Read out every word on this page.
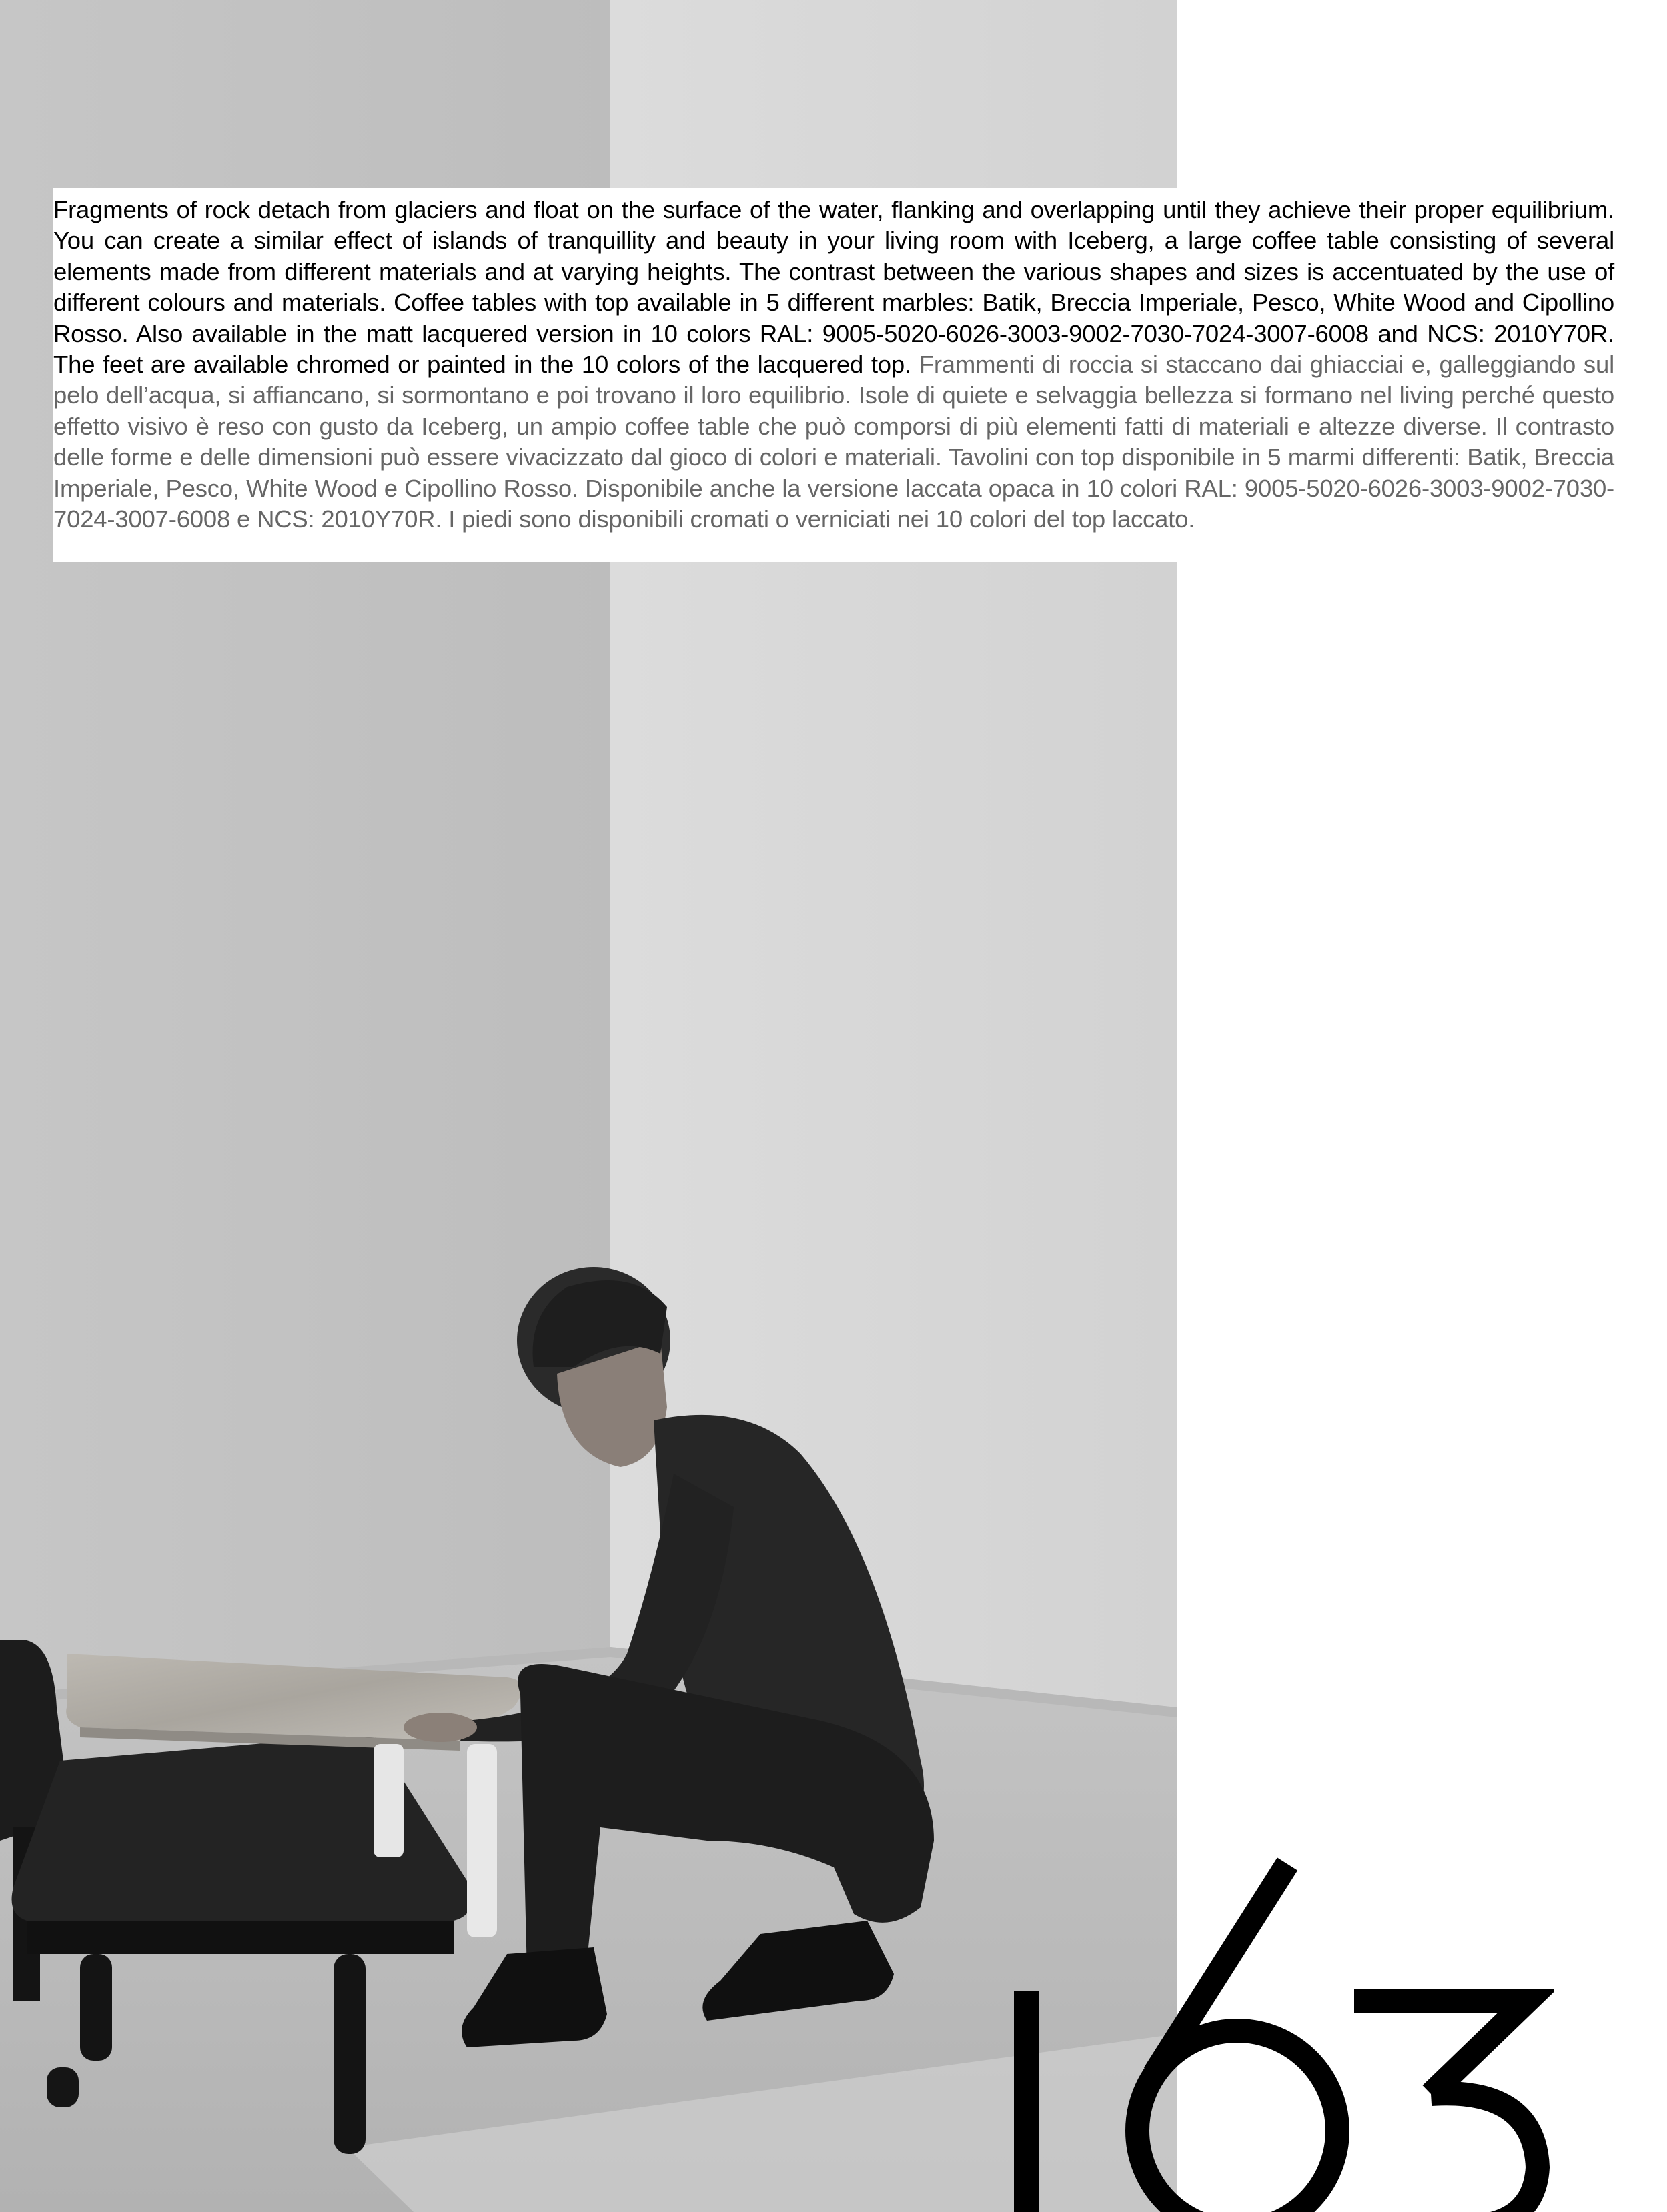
Fragments of rock detach from glaciers and float on the surface of the water, flanking and overlapping until they achieve their proper equilibrium. You can create a similar effect of islands of tranquillity and beauty in your living room with Iceberg, a large coffee table consisting of several elements made from different materials and at varying heights. The contrast between the various shapes and sizes is accentuated by the use of different colours and materials. Coffee tables with top available in 5 different marbles: Batik, Breccia Imperiale, Pesco, White Wood and Cipollino Rosso. Also available in the matt lacquered version in 10 colors RAL: 9005-5020-6026-3003-9002-7030-7024-3007-6008 and NCS: 2010Y70R. The feet are available chromed or painted in the 10 colors of the lacquered top. Frammenti di roccia si staccano dai ghiacciai e, galleggiando sul pelo dell’acqua, si affiancano, si sormontano e poi trovano il loro equilibrio. Isole di quiete e selvaggia bellezza si formano nel living perché questo effetto visivo è reso con gusto da Iceberg, un ampio coffee table che può comporsi di più elementi fatti di materiali e altezze diverse. Il contrasto delle forme e delle dimensioni può essere vivacizzato dal gioco di colori e materiali. Tavolini con top disponibile in 5 marmi differenti: Batik, Breccia Imperiale, Pesco, White Wood e Cipollino Rosso. Disponibile anche la versione laccata opaca in 10 colori RAL: 9005-5020-6026-3003-9002-7030-7024-3007-6008 e NCS: 2010Y70R. I piedi sono disponibili cromati o verniciati nei 10 colori del top laccato.
